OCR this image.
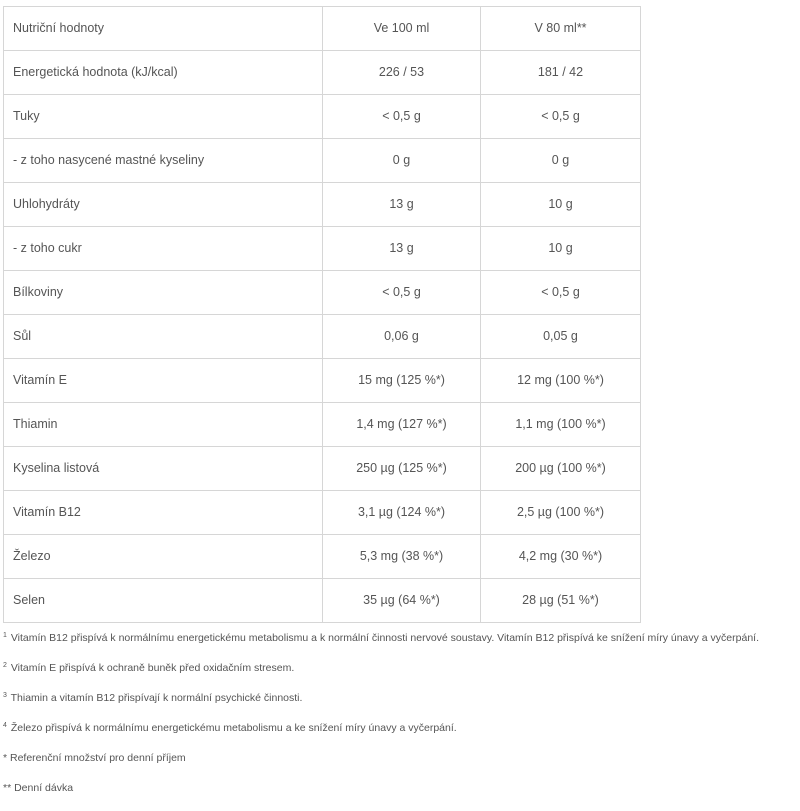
Nutriční hodnoty	Ve 100 ml	V 80 ml**
Energetická hodnota (kJ/kcal)	226 / 53	181 / 42
Tuky	< 0,5 g	< 0,5 g
- z toho nasycené mastné kyseliny	0 g	0 g
Uhlohydráty	13 g	10 g
- z toho cukr	13 g	10 g
Bílkoviny	< 0,5 g	< 0,5 g
Sůl	0,06 g	0,05 g
Vitamín E	15 mg (125 %*)	12 mg (100 %*)
Thiamin	1,4 mg (127 %*)	1,1 mg (100 %*)
Kyselina listová	250 µg (125 %*)	200 µg (100 %*)
Vitamín B12	3,1 µg (124 %*)	2,5 µg (100 %*)
Železo	5,3 mg (38 %*)	4,2 mg (30 %*)
Selen	35 µg (64 %*)	28 µg (51 %*)
$^1$ Vitamín B12 přispívá k normálnímu energetickému metabolismu a k normální činnosti nervové soustavy. Vitamín B12 přispívá ke snížení míry únavy a vyčerpání.
$^2$ Vitamín E přispívá k ochraně buněk před oxidačním stresem.
$^3$ Thiamin a vitamín B12 přispívají k normální psychické činnosti.
$^4$ Železo přispívá k normálnímu energetickému metabolismu a ke snížení míry únavy a vyčerpání.
* Referenční množství pro denní příjem
** Denní dávka
